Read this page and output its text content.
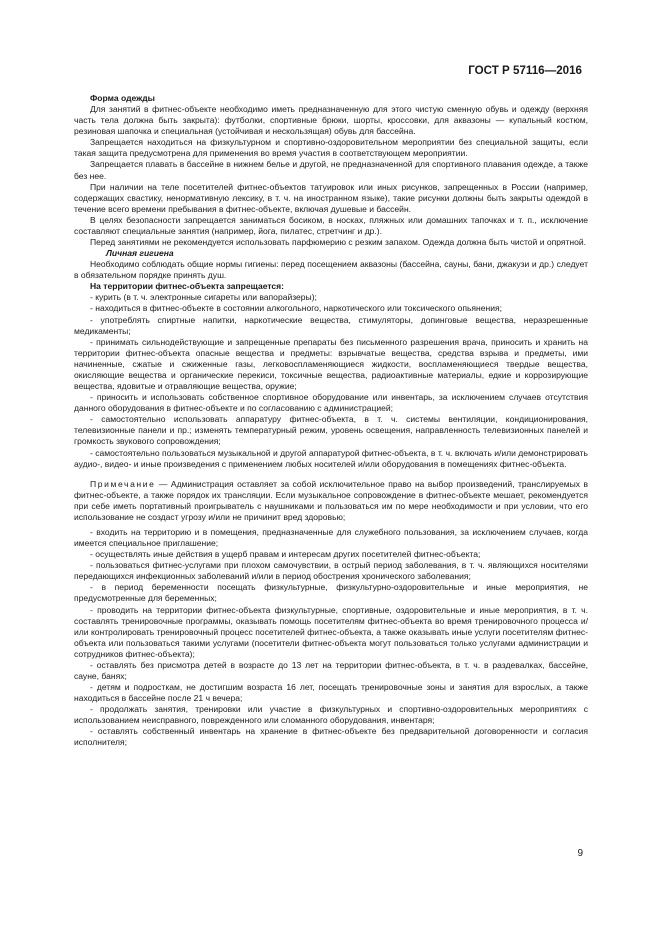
ГОСТ Р 57116—2016

Форма одежды

Для занятий в фитнес-объекте необходимо иметь предназначенную для этого чистую сменную обувь и одежду (верхняя часть тела должна быть закрыта): футболки, спортивные брюки, шорты, кроссовки, для аквазоны — купальный костюм, резиновая шапочка и специальная (устойчивая и нескользящая) обувь для бассейна.

Запрещается находиться на физкультурном и спортивно-оздоровительном мероприятии без специальной защиты, если такая защита предусмотрена для применения во время участия в соответствующем мероприятии.

Запрещается плавать в бассейне в нижнем белье и другой, не предназначенной для спортивного плавания одежде, а также без нее.

При наличии на теле посетителей фитнес-объектов татуировок или иных рисунков, запрещенных в России (например, содержащих свастику, ненормативную лексику, в т. ч. на иностранном языке), такие рисунки должны быть закрыты одеждой в течение всего времени пребывания в фитнес-объекте, включая душевые и бассейн.

В целях безопасности запрещается заниматься босиком, в носках, пляжных или домашних тапочках и т. п., исключение составляют специальные занятия (например, йога, пилатес, стретчинг и др.).

Перед занятиями не рекомендуется использовать парфюмерию с резким запахом. Одежда должна быть чистой и опрятной.

Личная гигиена

Необходимо соблюдать общие нормы гигиены: перед посещением аквазоны (бассейна, сауны, бани, джакузи и др.) следует в обязательном порядке принять душ.

На территории фитнес-объекта запрещается:

- курить (в т. ч. электронные сигареты или вапорайзеры);

- находиться в фитнес-объекте в состоянии алкогольного, наркотического или токсического опьянения;

- употреблять спиртные напитки, наркотические вещества, стимуляторы, допинговые вещества, неразрешенные медикаменты;

- принимать сильнодействующие и запрещенные препараты без письменного разрешения врача, приносить и хранить на территории фитнес-объекта опасные вещества и предметы: взрывчатые вещества, средства взрыва и предметы, ими начиненные, сжатые и сжиженные газы, легковоспламеняющиеся жидкости, воспламеняющиеся твердые вещества, окисляющие вещества и органические перекиси, токсичные вещества, радиоактивные материалы, едкие и коррозирующие вещества, ядовитые и отравляющие вещества, оружие;

- приносить и использовать собственное спортивное оборудование или инвентарь, за исключением случаев отсутствия данного оборудования в фитнес-объекте и по согласованию с администрацией;

- самостоятельно использовать аппаратуру фитнес-объекта, в т. ч. системы вентиляции, кондиционирования, телевизионные панели и пр.; изменять температурный режим, уровень освещения, направленность телевизионных панелей и громкость звукового сопровождения;

- самостоятельно пользоваться музыкальной и другой аппаратурой фитнес-объекта, в т. ч. включать и/или демонстрировать аудио-, видео- и иные произведения с применением любых носителей и/или оборудования в помещениях фитнес-объекта.

Примечание — Администрация оставляет за собой исключительное право на выбор произведений, транслируемых в фитнес-объекте, а также порядок их трансляции. Если музыкальное сопровождение в фитнес-объекте мешает, рекомендуется при себе иметь портативный проигрыватель с наушниками и пользоваться им по мере необходимости и при условии, что его использование не создаст угрозу и/или не причинит вред здоровью;

- входить на территорию и в помещения, предназначенные для служебного пользования, за исключением случаев, когда имеется специальное приглашение;

- осуществлять иные действия в ущерб правам и интересам других посетителей фитнес-объекта;

- пользоваться фитнес-услугами при плохом самочувствии, в острый период заболевания, в т. ч. являющихся носителями передающихся инфекционных заболеваний и/или в период обострения хронического заболевания;

- в период беременности посещать физкультурные, физкультурно-оздоровительные и иные мероприятия, не предусмотренные для беременных;

- проводить на территории фитнес-объекта физкультурные, спортивные, оздоровительные и иные мероприятия, в т. ч. составлять тренировочные программы, оказывать помощь посетителям фитнес-объекта во время тренировочного процесса и/или контролировать тренировочный процесс посетителей фитнес-объекта, а также оказывать иные услуги посетителям фитнес-объекта или пользоваться такими услугами (посетители фитнес-объекта могут пользоваться только услугами администрации и сотрудников фитнес-объекта);

- оставлять без присмотра детей в возрасте до 13 лет на территории фитнес-объекта, в т. ч. в раздевалках, бассейне, сауне, банях;

- детям и подросткам, не достигшим возраста 16 лет, посещать тренировочные зоны и занятия для взрослых, а также находиться в бассейне после 21 ч вечера;

- продолжать занятия, тренировки или участие в физкультурных и спортивно-оздоровительных мероприятиях с использованием неисправного, поврежденного или сломанного оборудования, инвентаря;

- оставлять собственный инвентарь на хранение в фитнес-объекте без предварительной договоренности и согласия исполнителя;

9
